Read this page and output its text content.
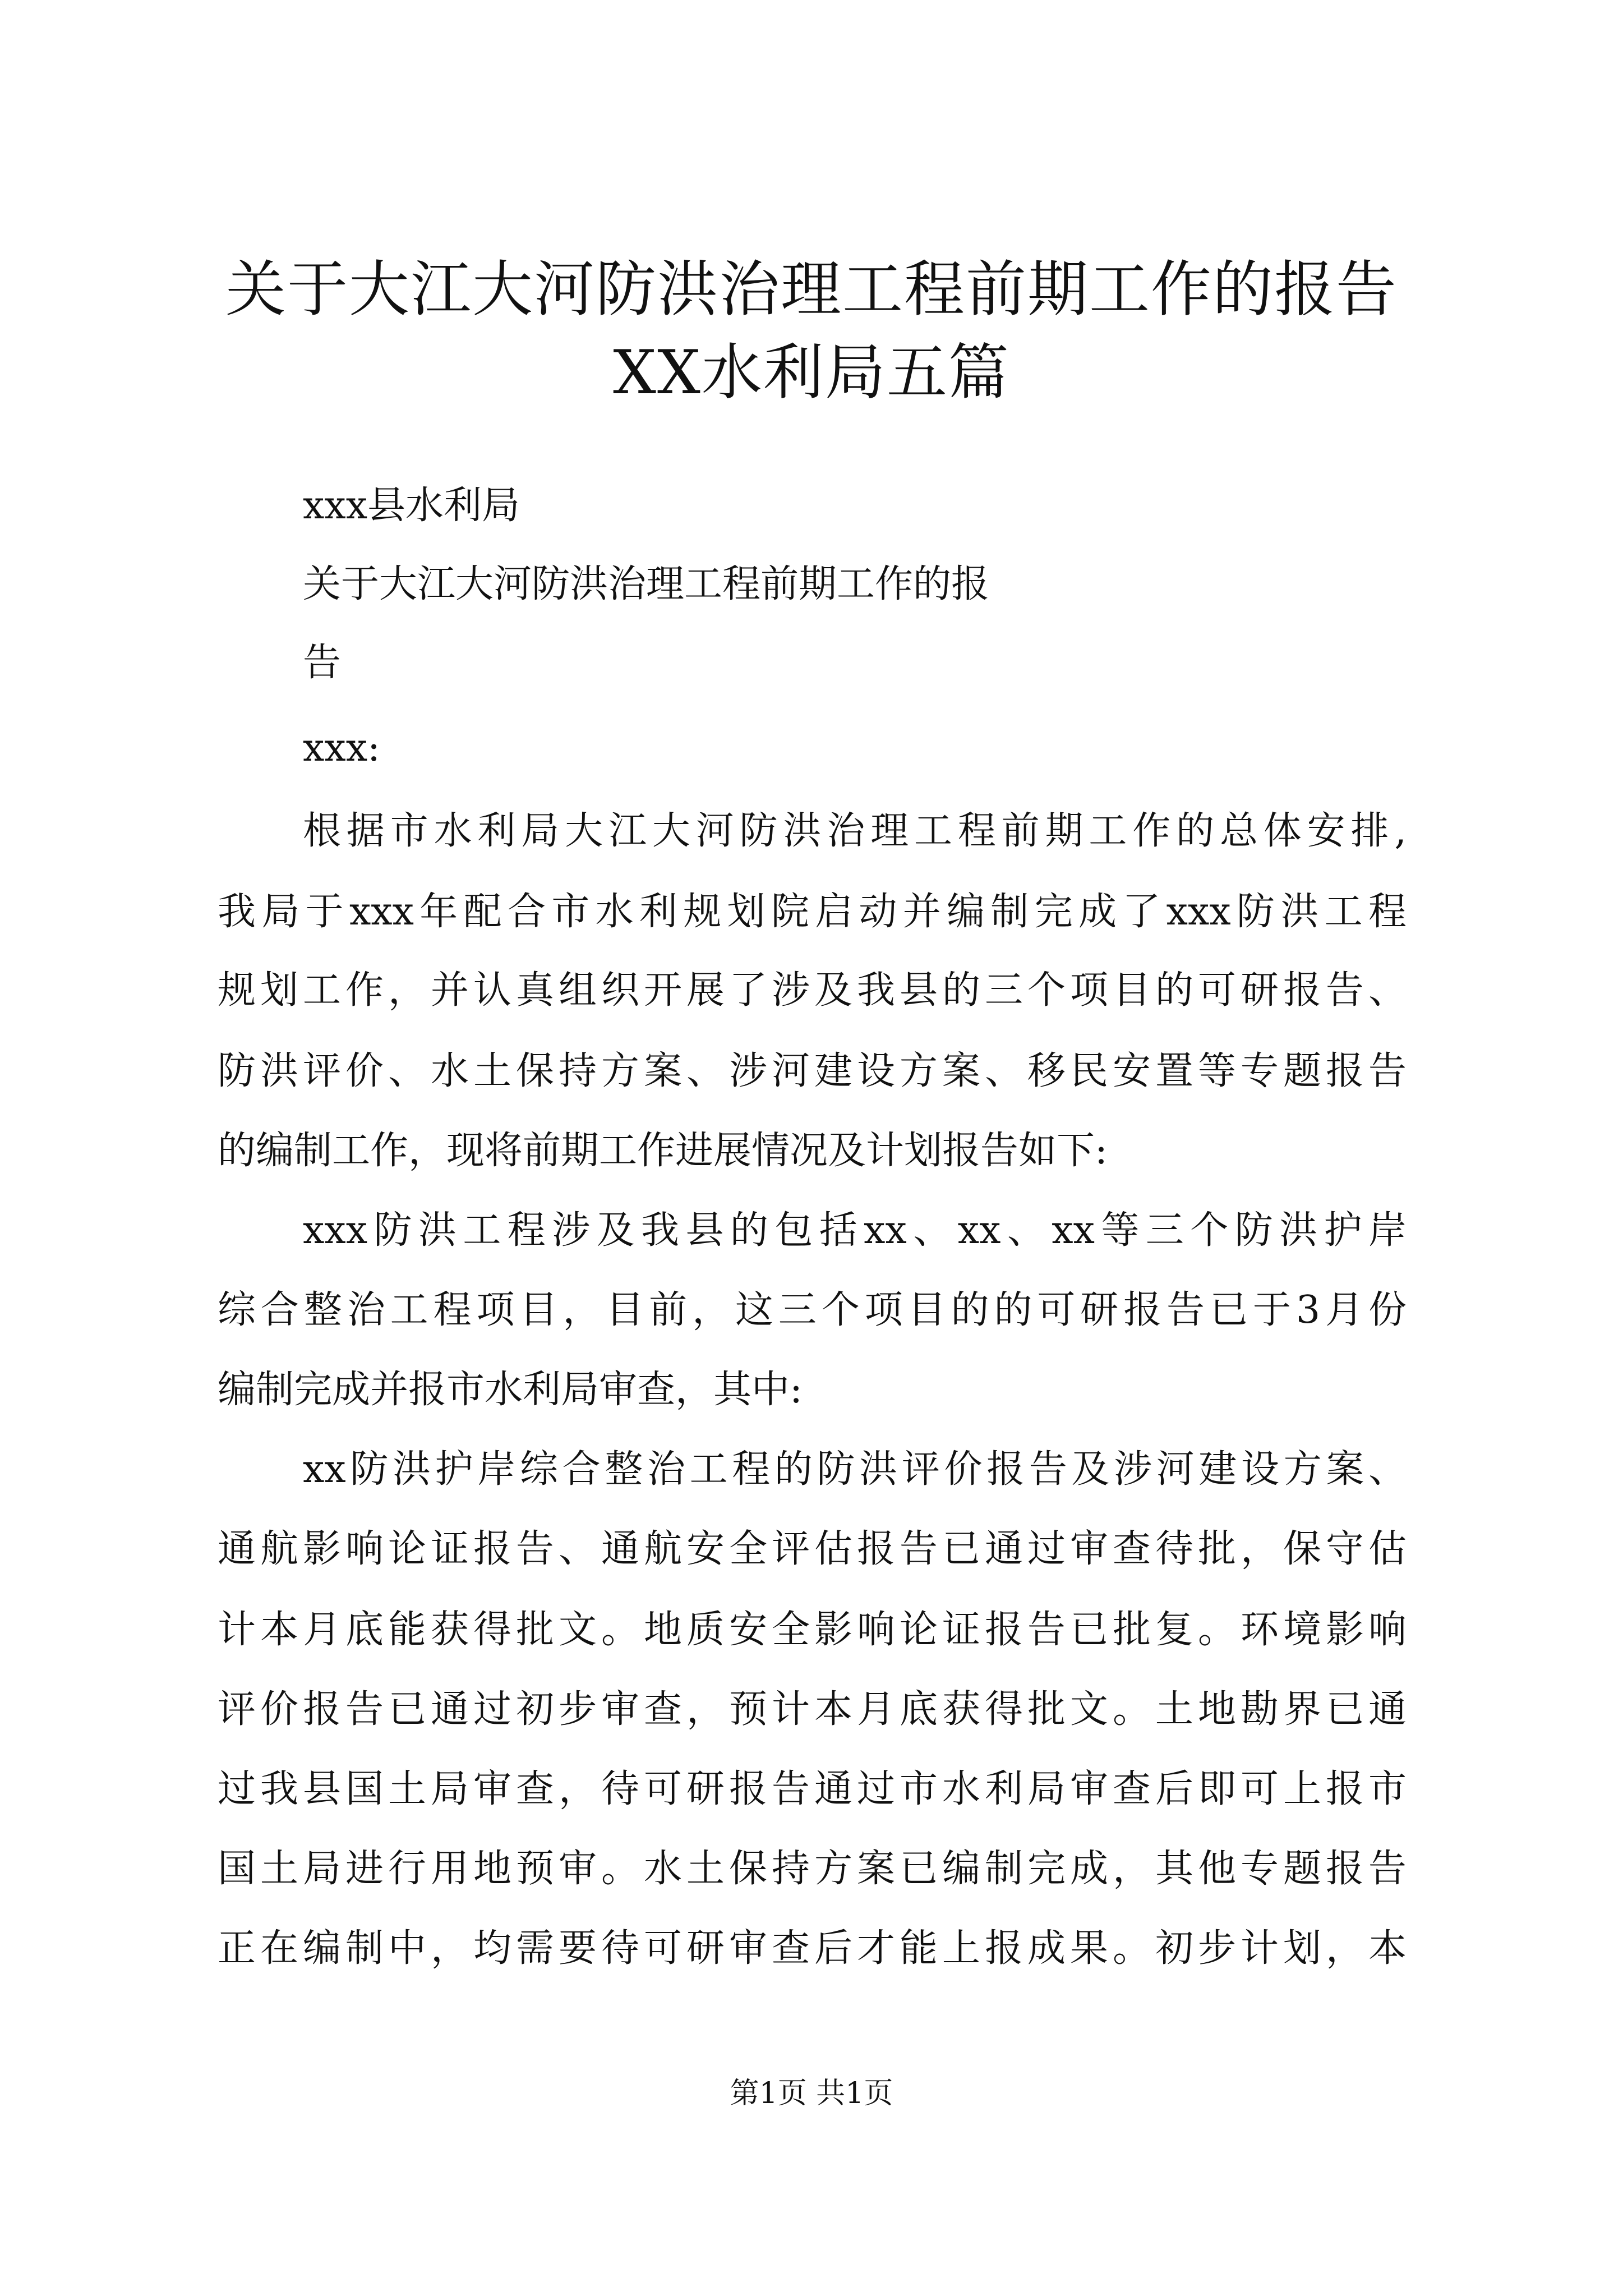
关于大江大河防洪治理工程前期工作的报告
XX水利局五篇
xxx县水利局
关于大江大河防洪治理工程前期工作的报
告
xxx:
根据市水利局大江大河防洪治理工程前期工作的总体安排,
我局于xxx年配合市水利规划院启动并编制完成了xxx防洪工程
规划工作，并认真组织开展了涉及我县的三个项目的可研报告、
防洪评价、水土保持方案、涉河建设方案、移民安置等专题报告
的编制工作，现将前期工作进展情况及计划报告如下:
xxx防洪工程涉及我县的包括xx、xx、xx等三个防洪护岸
综合整治工程项目，目前，这三个项目的的可研报告已于3月份
编制完成并报市水利局审查，其中:
xx防洪护岸综合整治工程的防洪评价报告及涉河建设方案、
通航影响论证报告、通航安全评估报告已通过审查待批，保守估
计本月底能获得批文。地质安全影响论证报告已批复。环境影响
评价报告已通过初步审查，预计本月底获得批文。土地勘界已通
过我县国土局审查，待可研报告通过市水利局审查后即可上报市
国土局进行用地预审。水土保持方案已编制完成，其他专题报告
正在编制中，均需要待可研审查后才能上报成果。初步计划，本
第1页 共1页
